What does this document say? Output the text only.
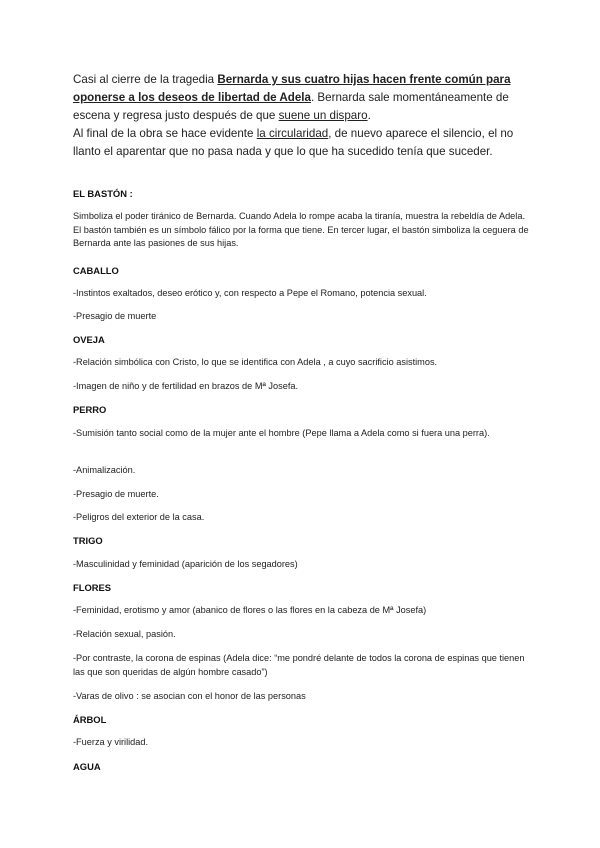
Casi al cierre de la tragedia Bernarda y sus cuatro hijas hacen frente común para oponerse a los deseos de libertad de Adela. Bernarda sale momentáneamente de escena y regresa justo después de que suene un disparo.
Al final de la obra se hace evidente la circularidad, de nuevo aparece el silencio, el no llanto el aparentar que no pasa nada y que lo que ha sucedido tenía que suceder.
EL BASTÓN :
Simboliza el poder tiránico de Bernarda. Cuando Adela lo rompe acaba la tiranía, muestra la rebeldía de Adela. El bastón también es un símbolo fálico por la forma que tiene. En tercer lugar, el bastón simboliza la ceguera de Bernarda ante las pasiones de sus hijas.
CABALLO
-Instintos exaltados, deseo erótico y, con respecto a Pepe el Romano, potencia sexual.
-Presagio de muerte
OVEJA
-Relación simbólica con Cristo, lo que se identifica con Adela , a cuyo sacrificio asistimos.
-Imagen de niño y de fertilidad en brazos de Mª Josefa.
PERRO
-Sumisión tanto social como de la mujer ante el hombre (Pepe llama a Adela como si fuera una perra).
-Animalización.
-Presagio de muerte.
-Peligros del exterior de la casa.
TRIGO
-Masculinidad y feminidad (aparición de los segadores)
FLORES
-Feminidad, erotismo y amor (abanico de flores o las flores en la cabeza de Mª Josefa)
-Relación sexual, pasión.
-Por contraste, la corona de espinas (Adela dice: “me pondré delante de todos la corona de espinas que tienen las que son queridas de algún hombre casado”)
-Varas de olivo : se asocian con el honor de las personas
ÁRBOL
-Fuerza y virilidad.
AGUA
